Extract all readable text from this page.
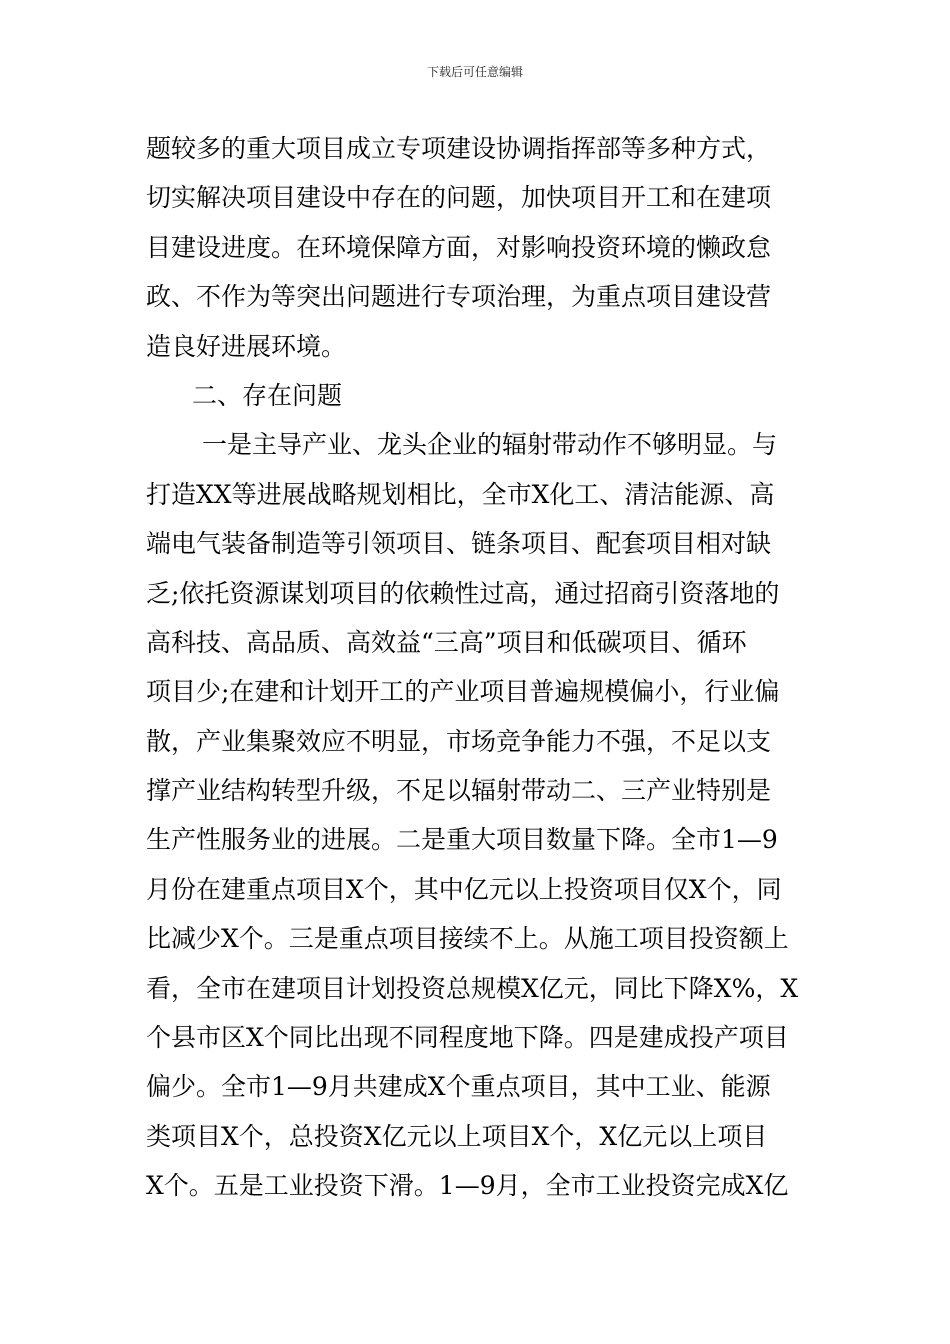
下载后可任意编辑
题较多的重大项目成立专项建设协调指挥部等多种方式，
切实解决项目建设中存在的问题，加快项目开工和在建项
目建设进度。在环境保障方面，对影响投资环境的懒政怠
政、不作为等突出问题进行专项治理，为重点项目建设营
造良好进展环境。
二、存在问题
一是主导产业、龙头企业的辐射带动作不够明显。与
打造XX等进展战略规划相比，全市X化工、清洁能源、高
端电气装备制造等引领项目、链条项目、配套项目相对缺
乏;依托资源谋划项目的依赖性过高，通过招商引资落地的
高科技、高品质、高效益“三高”项目和低碳项目、循环
项目少;在建和计划开工的产业项目普遍规模偏小，行业偏
散，产业集聚效应不明显，市场竞争能力不强，不足以支
撑产业结构转型升级，不足以辐射带动二、三产业特别是
生产性服务业的进展。二是重大项目数量下降。全市1—9
月份在建重点项目X个，其中亿元以上投资项目仅X个，同
比减少X个。三是重点项目接续不上。从施工项目投资额上
看，全市在建项目计划投资总规模X亿元，同比下降X%，X
个县市区X个同比出现不同程度地下降。四是建成投产项目
偏少。全市1—9月共建成X个重点项目，其中工业、能源
类项目X个，总投资X亿元以上项目X个，X亿元以上项目
X个。五是工业投资下滑。1—9月，全市工业投资完成X亿
